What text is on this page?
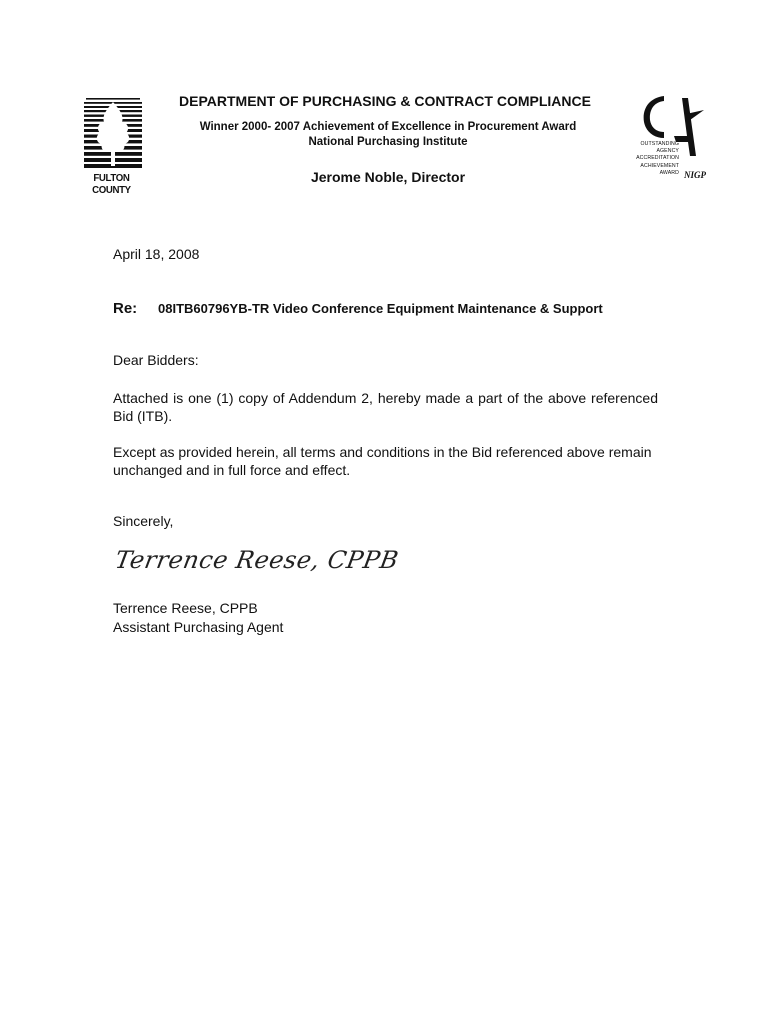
FULTON COUNTY
DEPARTMENT OF PURCHASING & CONTRACT COMPLIANCE
Winner 2000- 2007 Achievement of Excellence in Procurement Award
National Purchasing Institute
Jerome Noble, Director
OUTSTANDING
AGENCY
ACCREDITATION
ACHIEVEMENT
AWARD NIGP
April 18, 2008
Re: 08ITB60796YB-TR Video Conference Equipment Maintenance & Support
Dear Bidders:
Attached is one (1) copy of Addendum 2, hereby made a part of the above referenced Bid (ITB).
Except as provided herein, all terms and conditions in the Bid referenced above remain unchanged and in full force and effect.
Sincerely,
Terrence Reese, CPPB
Terrence Reese, CPPB
Assistant Purchasing Agent
